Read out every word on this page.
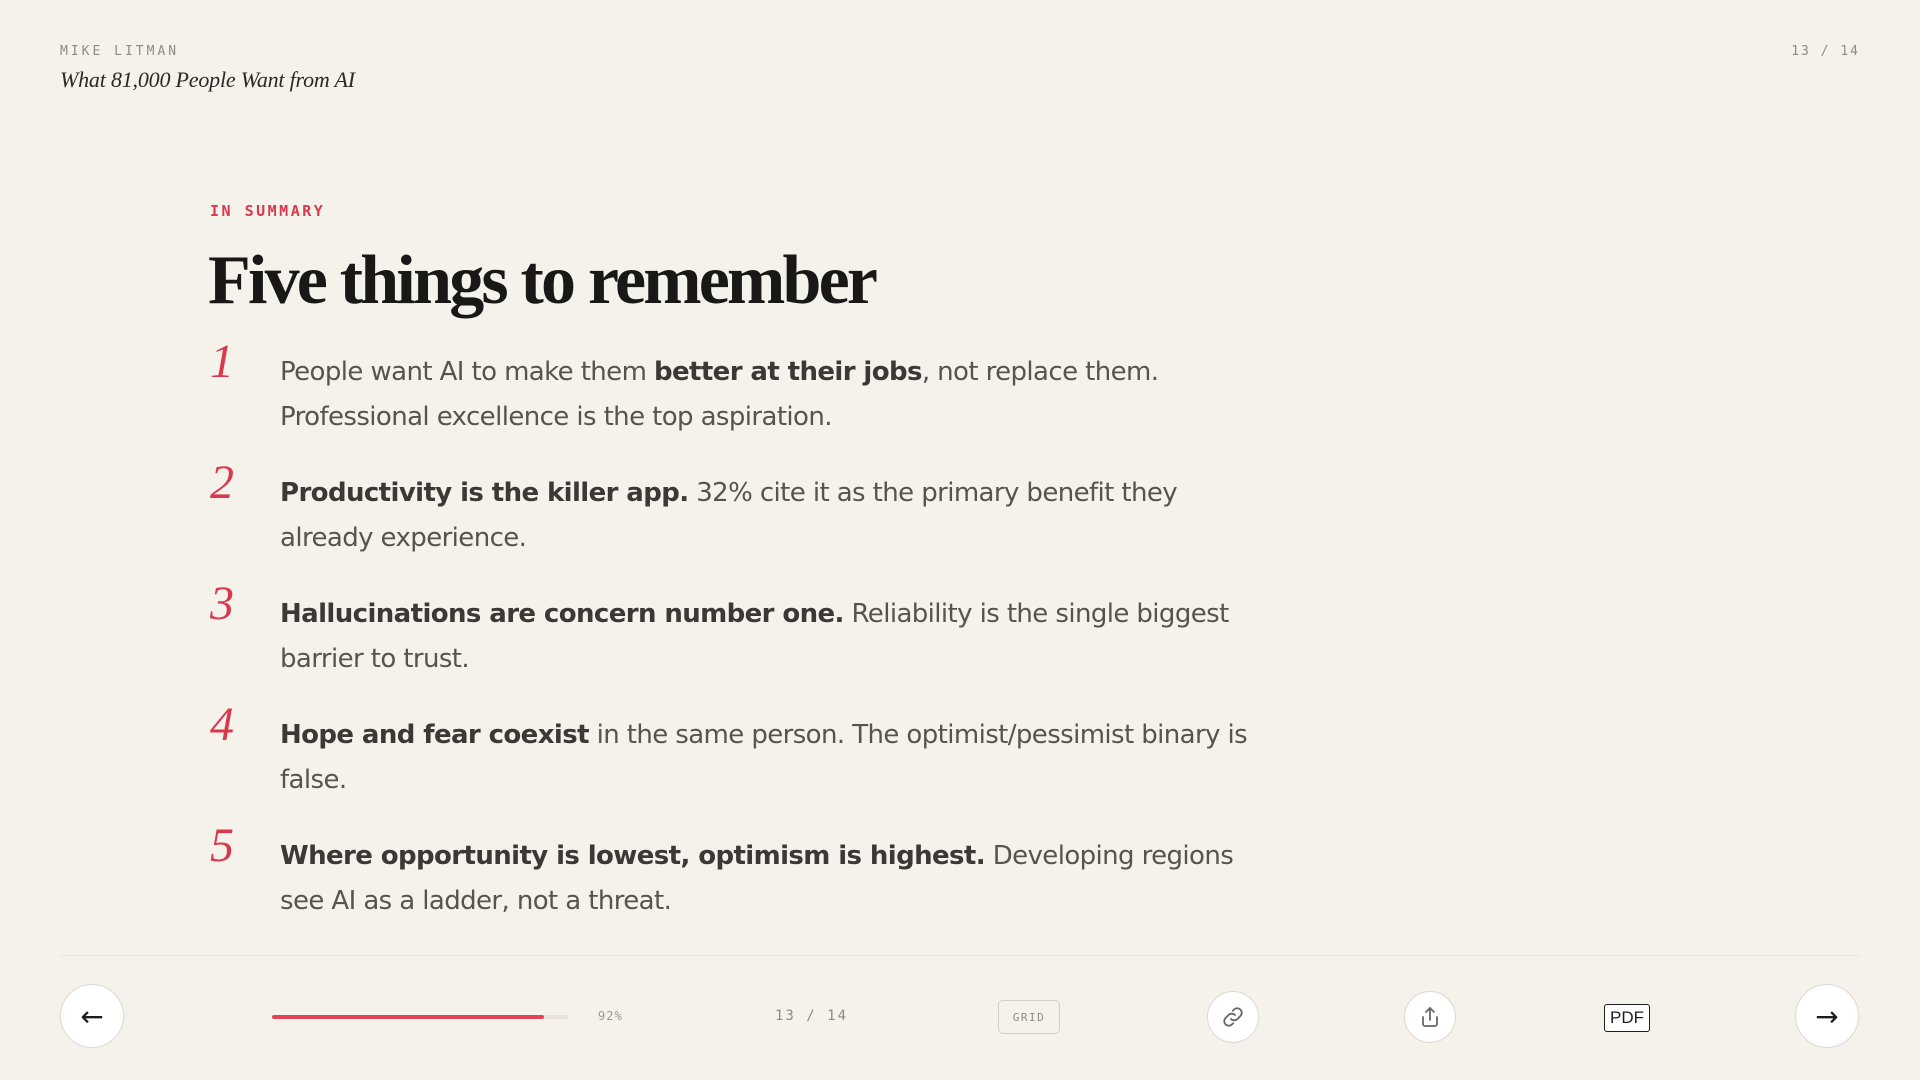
MIKE LITMAN
What 81,000 People Want from AI
13 / 14
IN SUMMARY
Five things to remember
1 People want AI to make them better at their jobs, not replace them. Professional excellence is the top aspiration.

2 Productivity is the killer app. 32% cite it as the primary benefit they already experience.

3 Hallucinations are concern number one. Reliability is the single biggest barrier to trust.

4 Hope and fear coexist in the same person. The optimist/pessimist binary is false.

5 Where opportunity is lowest, optimism is highest. Developing regions see AI as a ladder, not a threat.

←	92%	13 / 14	GRID	PDF	→
